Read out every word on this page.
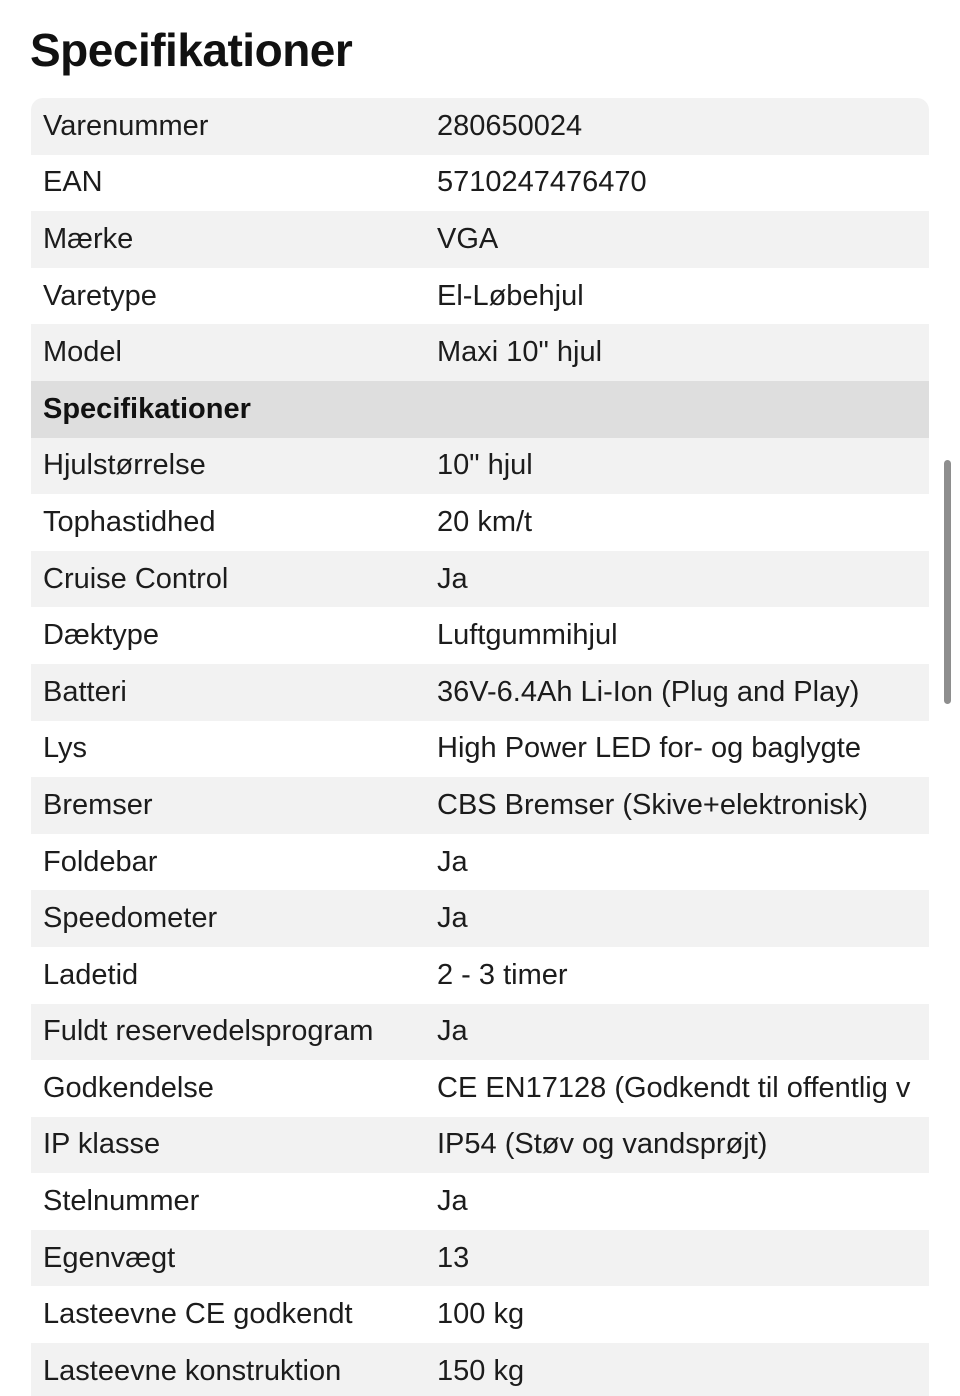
Specifikationer
Varenummer	280650024
EAN	5710247476470
Mærke	VGA
Varetype	El-Løbehjul
Model	Maxi 10" hjul
Specifikationer
Hjulstørrelse	10" hjul
Tophastidhed	20 km/t
Cruise Control	Ja
Dæktype	Luftgummihjul
Batteri	36V-6.4Ah Li-Ion (Plug and Play)
Lys	High Power LED for- og baglygte
Bremser	CBS Bremser (Skive+elektronisk)
Foldebar	Ja
Speedometer	Ja
Ladetid	2 - 3 timer
Fuldt reservedelsprogram	Ja
Godkendelse	CE EN17128 (Godkendt til offentlig v
IP klasse	IP54 (Støv og vandsprøjt)
Stelnummer	Ja
Egenvægt	13
Lasteevne CE godkendt	100 kg
Lasteevne konstruktion	150 kg
